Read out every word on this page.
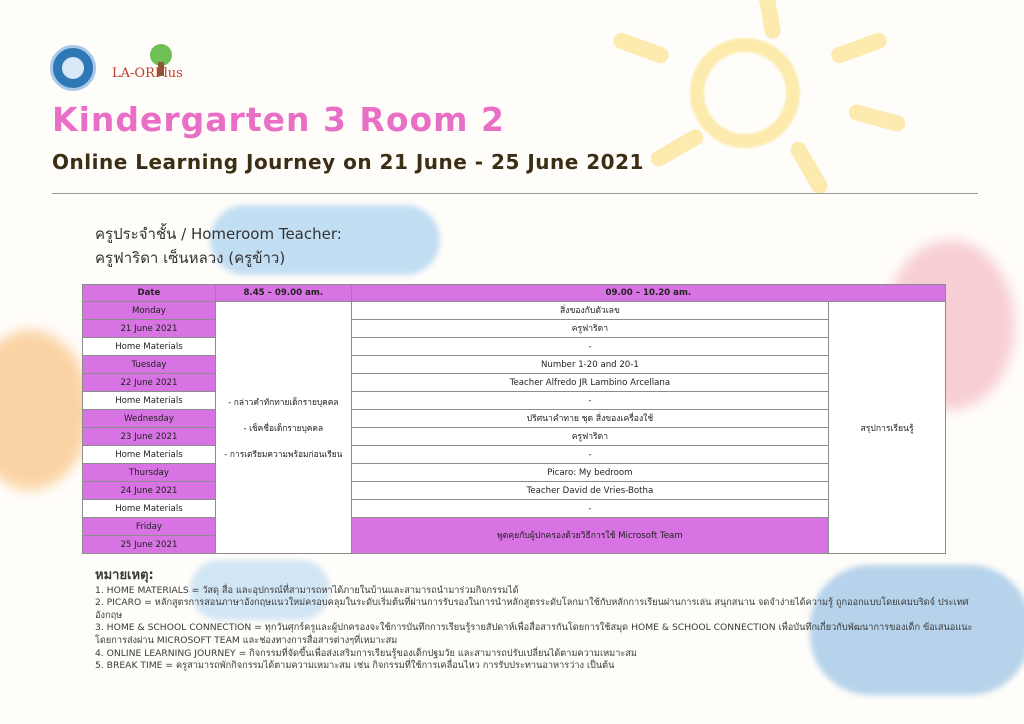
LA-ORPlus
Kindergarten 3 Room 2
Online Learning Journey on 21 June - 25 June 2021
ครูประจำชั้น / Homeroom Teacher:
ครูฟาริดา เซ็นหลวง (ครูข้าว)
Date	8.45 – 09.00 am.	09.00 – 10.20 am.	
Monday	- กล่าวคำทักทายเด็กรายบุคคล
- เช็คชื่อเด็กรายบุคคล
- การเตรียมความพร้อมก่อนเรียน	สิ่งของกับตัวเลข	สรุปการเรียนรู้
21 June 2021		ครูฟาริดา	
Home Materials		-	
Tuesday		Number 1-20 and 20-1	
22 June 2021		Teacher Alfredo JR Lambino Arcellana	
Home Materials		-	
Wednesday		ปริศนาคำทาย ชุด สิ่งของเครื่องใช้	
23 June 2021		ครูฟาริดา	
Home Materials		-	
Thursday		Picaro: My bedroom	
24 June 2021		Teacher David de Vries-Botha	
Home Materials		-	
Friday		พูดคุยกับผู้ปกครองด้วยวิธีการใช้ Microsoft Team	
25 June 2021			
หมายเหตุ:
1. HOME MATERIALS = วัสดุ สื่อ และอุปกรณ์ที่สามารถหาได้ภายในบ้านและสามารถนำมาร่วมกิจกรรมได้
2. PICARO = หลักสูตรการสอนภาษาอังกฤษแนวใหม่ครอบคลุมในระดับเริ่มต้นที่ผ่านการรับรองในการนำหลักสูตรระดับโลกมาใช้กับหลักการเรียนผ่านการเล่น สนุกสนาน จดจำง่ายได้ความรู้ ถูกออกแบบโดยเคมบริดจ์ ประเทศอังกฤษ
3. HOME & SCHOOL CONNECTION = ทุกวันศุกร์ครูและผู้ปกครองจะใช้การบันทึกการเรียนรู้รายสัปดาห์เพื่อสื่อสารกันโดยการใช้สมุด HOME & SCHOOL CONNECTION เพื่อบันทึกเกี่ยวกับพัฒนาการของเด็ก ข้อเสนอแนะ โดยการส่งผ่าน MICROSOFT TEAM และช่องทางการสื่อสารต่างๆที่เหมาะสม
4. ONLINE LEARNING JOURNEY = กิจกรรมที่จัดขึ้นเพื่อส่งเสริมการเรียนรู้ของเด็กปฐมวัย และสามารถปรับเปลี่ยนได้ตามความเหมาะสม
5. BREAK TIME = ครูสามารถพักกิจกรรมได้ตามความเหมาะสม เช่น กิจกรรมที่ใช้การเคลื่อนไหว การรับประทานอาหารว่าง เป็นต้น
